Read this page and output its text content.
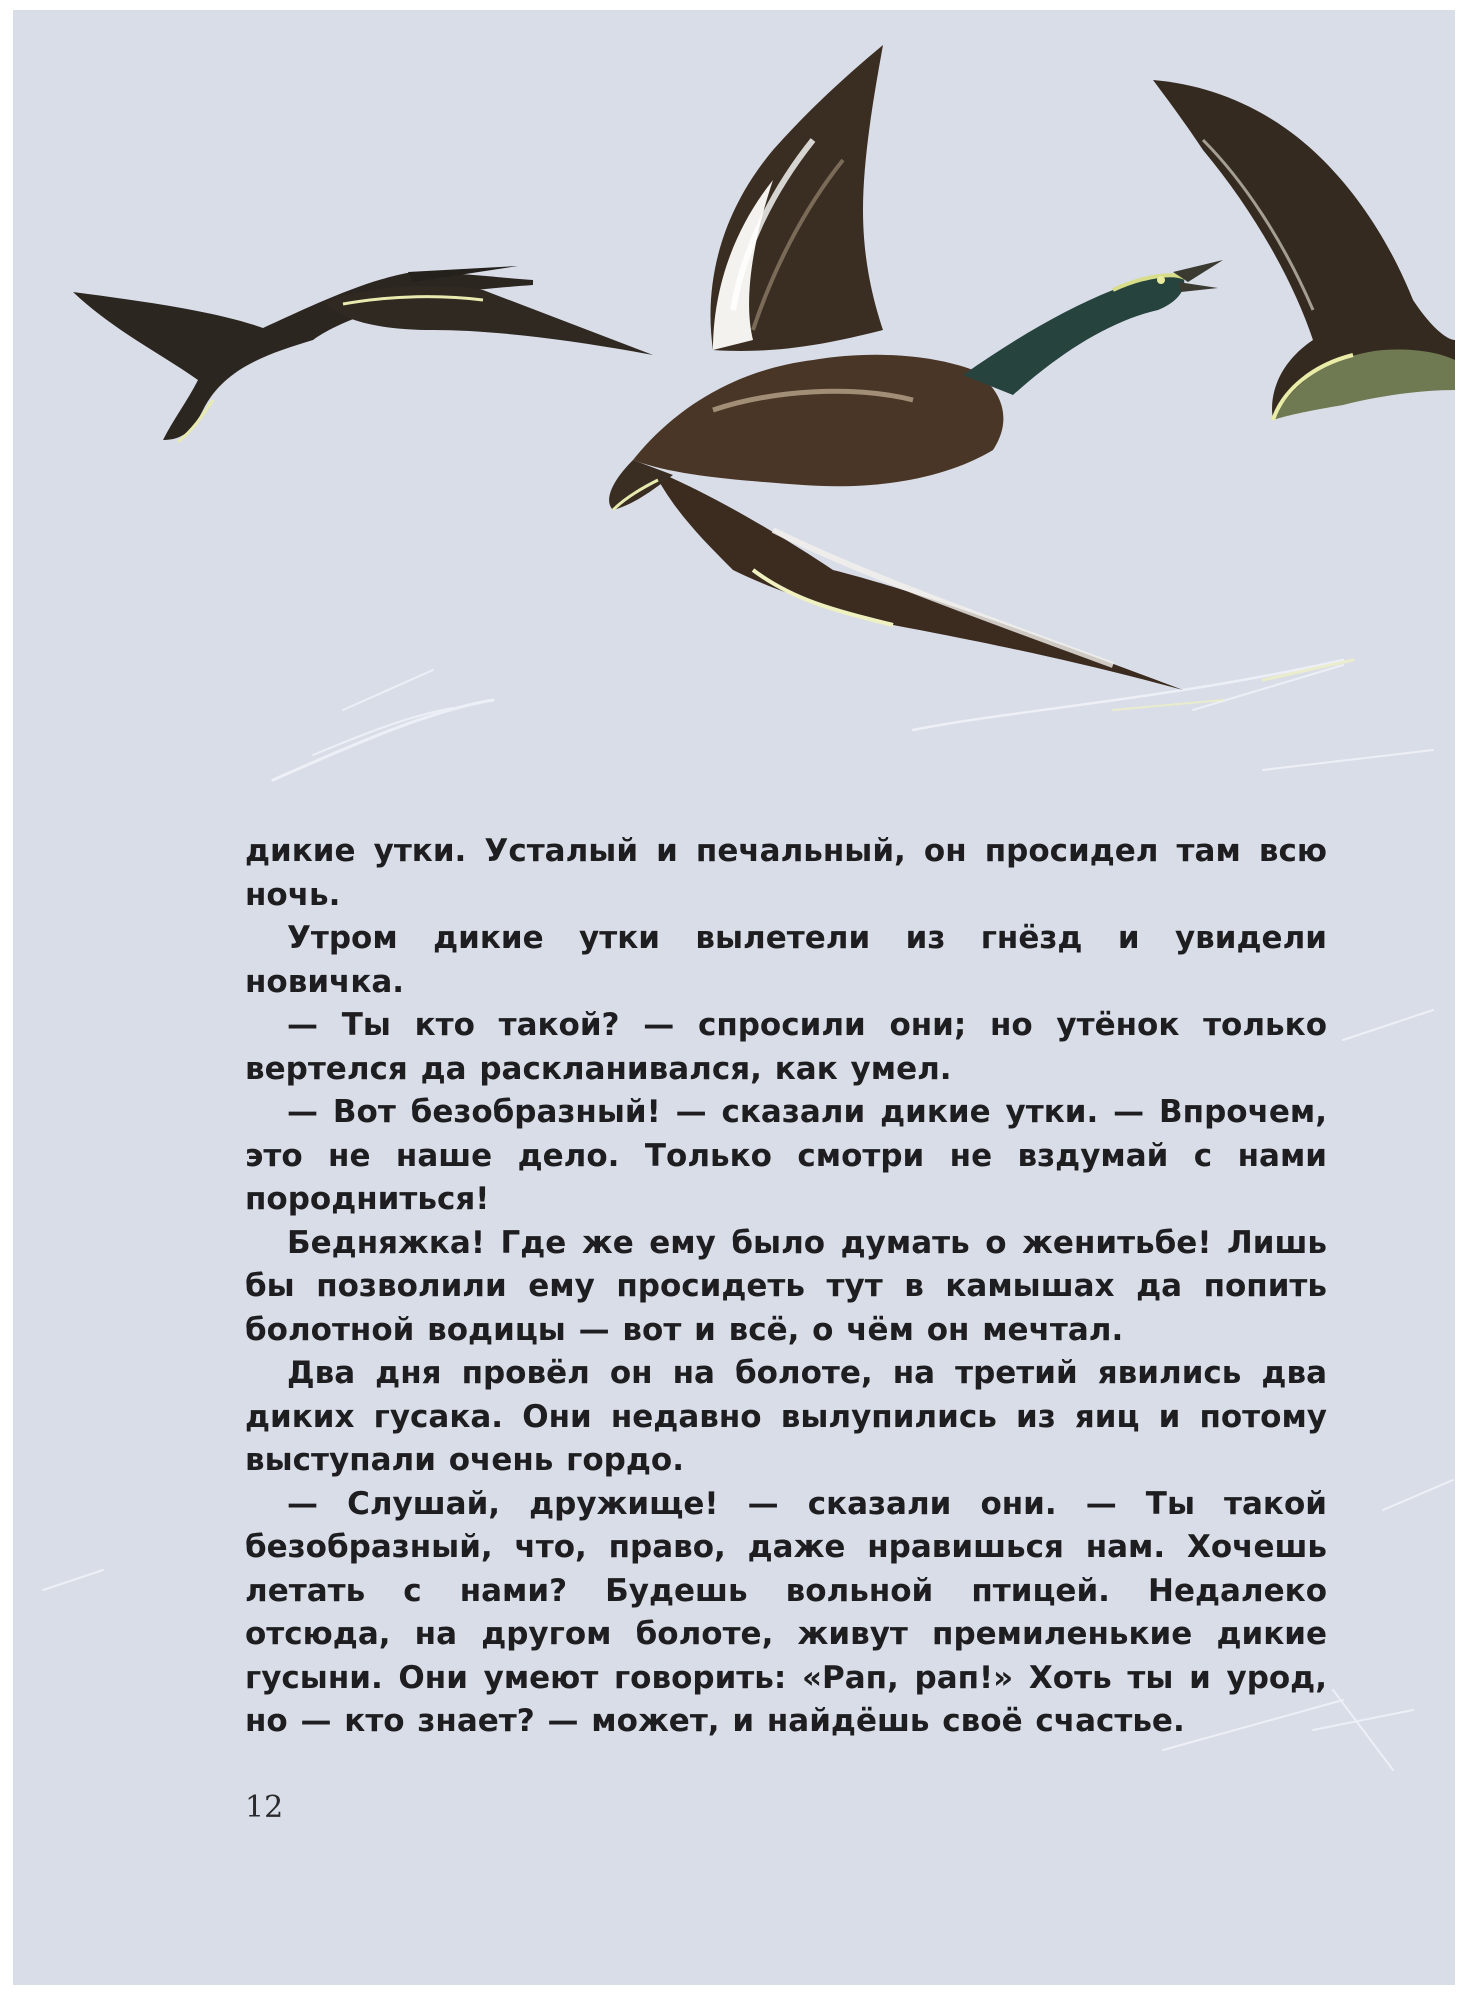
дикие утки. Усталый и печальный, он просидел там всю ночь.

Утром дикие утки вылетели из гнёзд и увидели новичка.

— Ты кто такой? — спросили они; но утёнок только вертелся да раскланивался, как умел.

— Вот безобразный! — сказали дикие утки. — Впрочем, это не наше дело. Только смотри не вздумай с нами породниться!

Бедняжка! Где же ему было думать о женитьбе! Лишь бы позволили ему просидеть тут в камышах да попить болотной водицы — вот и всё, о чём он мечтал.

Два дня провёл он на болоте, на третий явились два диких гусака. Они недавно вылупились из яиц и потому выступали очень гордо.

— Слушай, дружище! — сказали они. — Ты такой безобразный, что, право, даже нравишься нам. Хочешь летать с нами? Будешь вольной птицей. Недалеко отсюда, на другом болоте, живут премиленькие дикие гусыни. Они умеют говорить: «Рап, рап!» Хоть ты и урод, но — кто знает? — может, и найдёшь своё счастье.

12
